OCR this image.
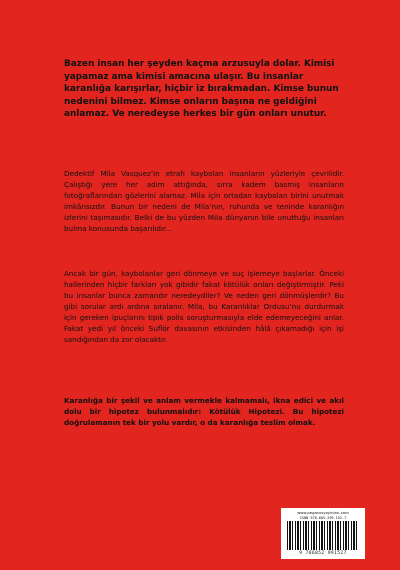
Bazen insan her şeyden kaçma arzusuyla dolar. Kimisi yapamaz ama kimisi amacına ulaşır. Bu insanlar karanlığa karışırlar, hiçbir iz bırakmadan. Kimse bunun nedenini bilmez. Kimse onların başına ne geldiğini anlamaz. Ve neredeyse herkes bir gün onları unutur.

Dedektif Mila Vasquez’in etrafı kaybolan insanların yüzleriyle çevrilidir. Çalıştığı yere her adım attığında, sırra kadem basmış insanların fotoğraflarından gözlerini alamaz. Mila için ortadan kaybolan birini unutmak imkânsızdır. Bunun bir nedeni de Mila’nın, ruhunda ve teninde karanlığın izlerini taşımasıdır. Belki de bu yüzden Mila dünyanın bile unuttuğu insanları bulma konusunda başarılıdır...

Ancak bir gün, kaybolanlar geri dönmeye ve suç işlemeye başlarlar. Önceki hallerinden hiçbir farkları yok gibidir fakat kötülük onları değiştirmiştir. Peki bu insanlar bunca zamandır neredeydiler? Ve neden geri dönmüşlerdir? Bu gibi sorular ardı ardına sıralanır. Mila, bu Karanlıklar Ordusu’nu durdurmak için gereken ipuçlarını tipik polis soruşturmasıyla elde edemeyeceğini anlar. Fakat yedi yıl önceki Suflör davasının etkisinden hâlâ çıkamadığı için işi sandığından da zor olacaktır.

Karanlığa bir şekil ve anlam vermekle kalmamalı, ikna edici ve akıl dolu bir hipotez bulunmalıdır: Kötülük Hipotezi. Bu hipotezi doğrulamanın tek bir yolu vardır, o da karanlığa teslim olmak.

www.pegasusyayinlari.com
ISBN 978-605-299-152-7
9 786052 991527
